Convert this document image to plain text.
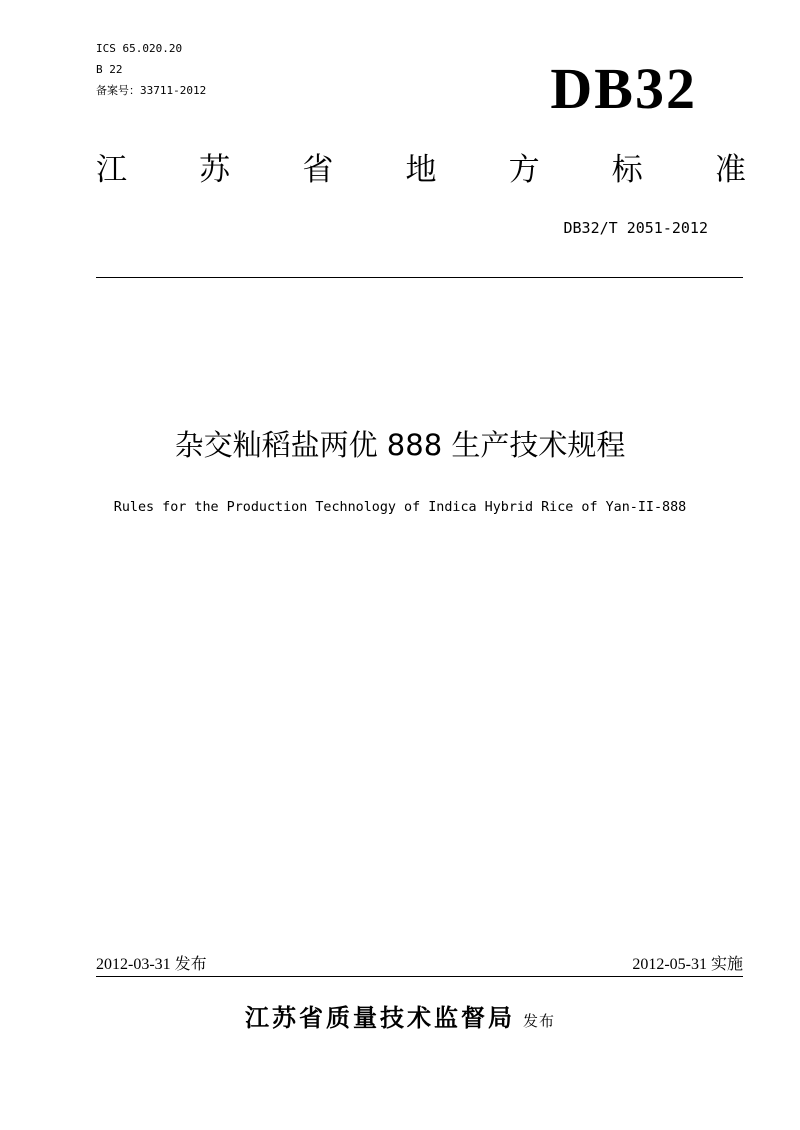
ICS 65.020.20
B 22
备案号：33711-2012	DB32
江 苏 省 地 方 标 准
DB32/T 2051-2012
杂交籼稻盐两优 888 生产技术规程
Rules for the Production Technology of Indica Hybrid Rice of Yan-II-888
2012-03-31 发布	2012-05-31 实施
江苏省质量技术监督局 发布
